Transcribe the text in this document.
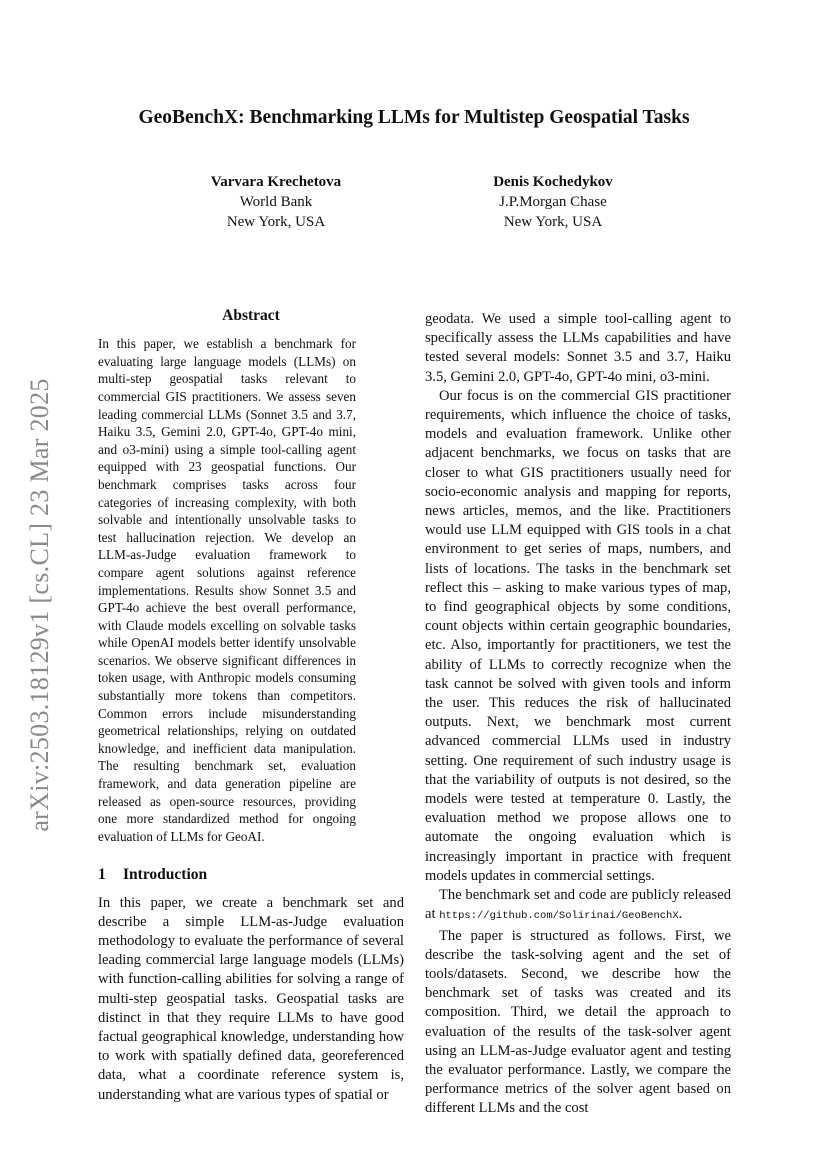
arXiv:2503.18129v1 [cs.CL] 23 Mar 2025
GeoBenchX: Benchmarking LLMs for Multistep Geospatial Tasks
Varvara Krechetova
World Bank
New York, USA
Denis Kochedykov
J.P.Morgan Chase
New York, USA
Abstract

In this paper, we establish a benchmark for evaluating large language models (LLMs) on multi-step geospatial tasks relevant to commercial GIS practitioners. We assess seven leading commercial LLMs (Sonnet 3.5 and 3.7, Haiku 3.5, Gemini 2.0, GPT-4o, GPT-4o mini, and o3-mini) using a simple tool-calling agent equipped with 23 geospatial functions. Our benchmark comprises tasks across four categories of increasing complexity, with both solvable and intentionally unsolvable tasks to test hallucination rejection. We develop an LLM-as-Judge evaluation framework to compare agent solutions against reference implementations. Results show Sonnet 3.5 and GPT-4o achieve the best overall performance, with Claude models excelling on solvable tasks while OpenAI models better identify unsolvable scenarios. We observe significant differences in token usage, with Anthropic models consuming substantially more tokens than competitors. Common errors include misunderstanding geometrical relationships, relying on outdated knowledge, and inefficient data manipulation. The resulting benchmark set, evaluation framework, and data generation pipeline are released as open-source resources, providing one more standardized method for ongoing evaluation of LLMs for GeoAI.

1 Introduction

In this paper, we create a benchmark set and describe a simple LLM-as-Judge evaluation methodology to evaluate the performance of several leading commercial large language models (LLMs) with function-calling abilities for solving a range of multi-step geospatial tasks. Geospatial tasks are distinct in that they require LLMs to have good factual geographical knowledge, understanding how to work with spatially defined data, georeferenced data, what a coordinate reference system is, understanding what are various types of spatial or

geodata. We used a simple tool-calling agent to specifically assess the LLMs capabilities and have tested several models: Sonnet 3.5 and 3.7, Haiku 3.5, Gemini 2.0, GPT-4o, GPT-4o mini, o3-mini.

Our focus is on the commercial GIS practitioner requirements, which influence the choice of tasks, models and evaluation framework. Unlike other adjacent benchmarks, we focus on tasks that are closer to what GIS practitioners usually need for socio-economic analysis and mapping for reports, news articles, memos, and the like. Practitioners would use LLM equipped with GIS tools in a chat environment to get series of maps, numbers, and lists of locations. The tasks in the benchmark set reflect this – asking to make various types of map, to find geographical objects by some conditions, count objects within certain geographic boundaries, etc. Also, importantly for practitioners, we test the ability of LLMs to correctly recognize when the task cannot be solved with given tools and inform the user. This reduces the risk of hallucinated outputs. Next, we benchmark most current advanced commercial LLMs used in industry setting. One requirement of such industry usage is that the variability of outputs is not desired, so the models were tested at temperature 0. Lastly, the evaluation method we propose allows one to automate the ongoing evaluation which is increasingly important in practice with frequent models updates in commercial settings.

The benchmark set and code are publicly released at https://github.com/Solirinai/GeoBenchX.

The paper is structured as follows. First, we describe the task-solving agent and the set of tools/datasets. Second, we describe how the benchmark set of tasks was created and its composition. Third, we detail the approach to evaluation of the results of the task-solver agent using an LLM-as-Judge evaluator agent and testing the evaluator performance. Lastly, we compare the performance metrics of the solver agent based on different LLMs and the cost
